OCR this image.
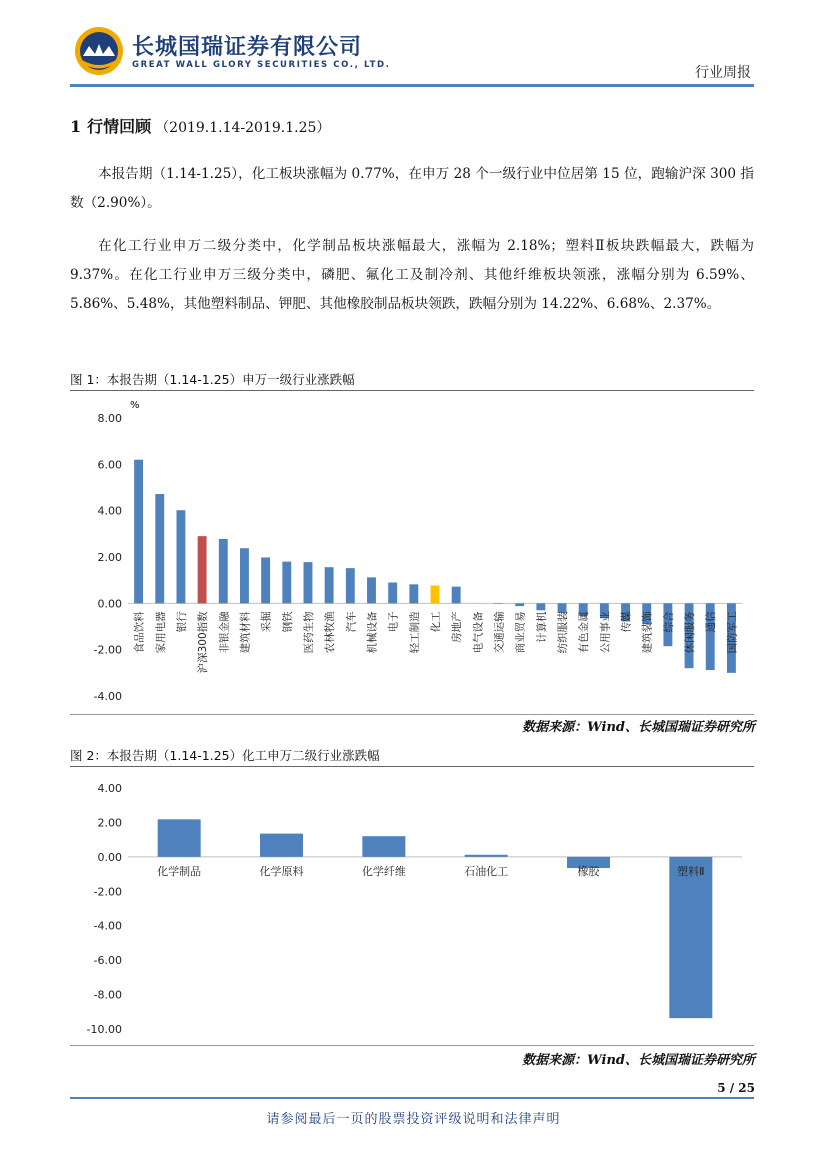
长城国瑞证券有限公司
GREAT WALL GLORY SECURITIES CO., LTD.	行业周报
1 行情回顾 （2019.1.14-2019.1.25）
本报告期（1.14-1.25），化工板块涨幅为 0.77%，在申万 28 个一级行业中位居第 15 位，跑输沪深 300 指数（2.90%）。
在化工行业申万二级分类中，化学制品板块涨幅最大，涨幅为 2.18%；塑料Ⅱ板块跌幅最大，跌幅为 9.37%。在化工行业申万三级分类中，磷肥、氟化工及制冷剂、其他纤维板块领涨，涨幅分别为 6.59%、5.86%、5.48%，其他塑料制品、钾肥、其他橡胶制品板块领跌，跌幅分别为 14.22%、6.68%、2.37%。
图 1：本报告期（1.14-1.25）申万一级行业涨跌幅
%
8.00
6.00
4.00
2.00
0.00
-2.00
-4.00
食品饮料 家用电器 银行 沪深300指数 非银金融 建筑材料 采掘 钢铁 医药生物 农林牧渔 汽车 机械设备 电子 轻工制造 化工 房地产 电气设备 交通运输 商业贸易 计算机 纺织服装 有色金属 公用事业 传媒 建筑装饰 综合 休闲服务 通信 国防军工
数据来源：Wind、长城国瑞证券研究所
图 2：本报告期（1.14-1.25）化工申万二级行业涨跌幅
4.00
2.00
0.00
-2.00
-4.00
-6.00
-8.00
-10.00
化学制品	化学原料	化学纤维	石油化工	橡胶	塑料Ⅱ
数据来源：Wind、长城国瑞证券研究所
5 / 25
请参阅最后一页的股票投资评级说明和法律声明
